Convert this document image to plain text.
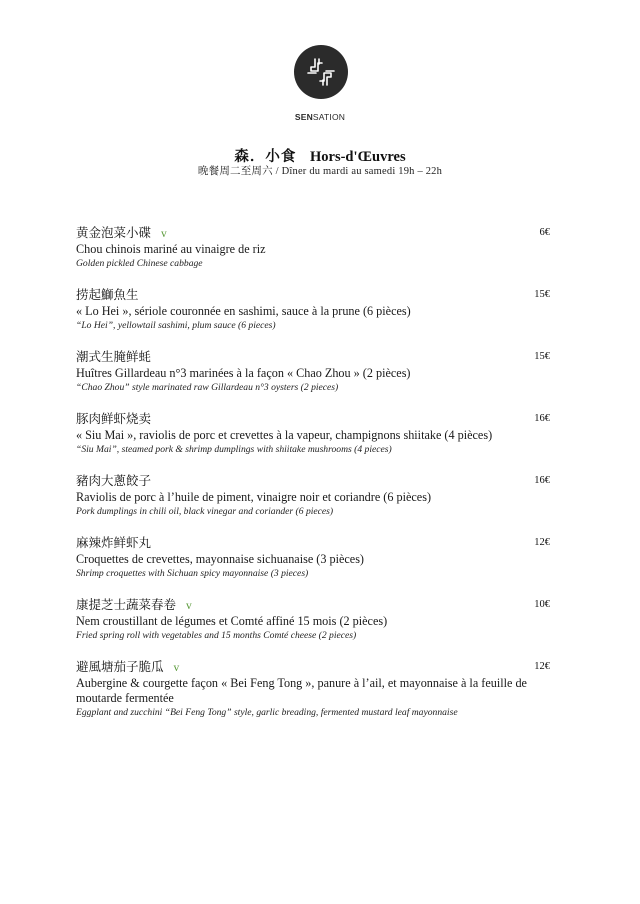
SENSATION
森．小食 Hors-d'Œuvres
晚餐周二至周六 / Dîner du mardi au samedi 19h – 22h
黄金泡菜小碟 v	6€
Chou chinois mariné au vinaigre de riz
Golden pickled Chinese cabbage
捞起鰤魚生	15€
« Lo Hei », sériole couronnée en sashimi, sauce à la prune (6 pièces)
“Lo Hei”, yellowtail sashimi, plum sauce (6 pieces)
潮式生腌鲜蚝	15€
Huîtres Gillardeau n°3 marinées à la façon « Chao Zhou » (2 pièces)
“Chao Zhou” style marinated raw Gillardeau n°3 oysters (2 pieces)
豚肉鲜虾烧卖	16€
« Siu Mai », raviolis de porc et crevettes à la vapeur, champignons shiitake (4 pièces)
“Siu Mai”, steamed pork & shrimp dumplings with shiitake mushrooms (4 pieces)
豬肉大蔥餃子	16€
Raviolis de porc à l’huile de piment, vinaigre noir et coriandre (6 pièces)
Pork dumplings in chili oil, black vinegar and coriander (6 pieces)
麻辣炸鲜虾丸	12€
Croquettes de crevettes, mayonnaise sichuanaise (3 pièces)
Shrimp croquettes with Sichuan spicy mayonnaise (3 pieces)
康提芝士蔬菜春卷 v	10€
Nem croustillant de légumes et Comté affiné 15 mois (2 pièces)
Fried spring roll with vegetables and 15 months Comté cheese (2 pieces)
避風塘茄子脆瓜 v	12€
Aubergine & courgette façon « Bei Feng Tong », panure à l’ail, et mayonnaise à la feuille de moutarde fermentée
Eggplant and zucchini “Bei Feng Tong” style, garlic breading, fermented mustard leaf mayonnaise
